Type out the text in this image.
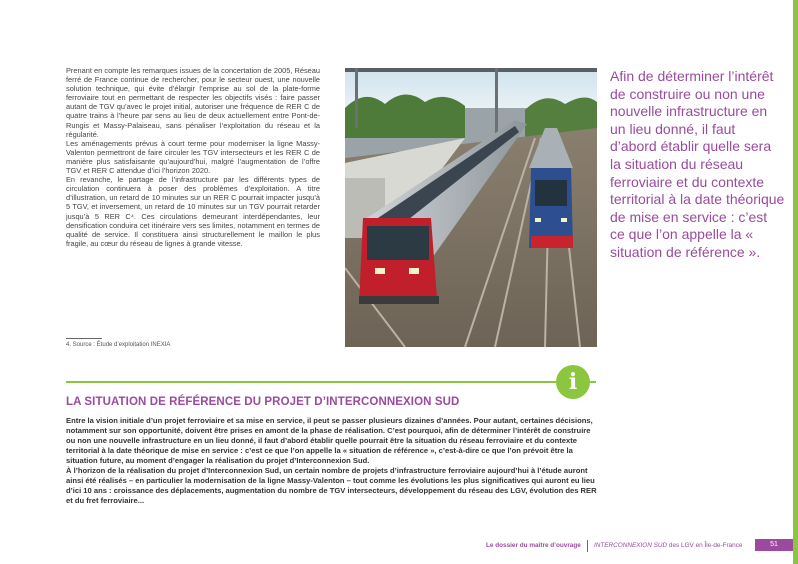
Prenant en compte les remarques issues de la concertation de 2005, Réseau ferré de France continue de rechercher, pour le secteur ouest, une nouvelle solution technique, qui évite d’élargir l’emprise au sol de la plate-forme ferroviaire tout en permettant de respecter les objectifs visés : faire passer autant de TGV qu’avec le projet initial, autoriser une fréquence de RER C de quatre trains à l’heure par sens au lieu de deux actuellement entre Pont-de-Rungis et Massy-Palaiseau, sans pénaliser l’exploitation du réseau et la régularité.

Les aménagements prévus à court terme pour moderniser la ligne Massy-Valenton permettront de faire circuler les TGV intersecteurs et les RER C de manière plus satisfaisante qu’aujourd’hui, malgré l’augmentation de l’offre TGV et RER C attendue d’ici l’horizon 2020.

En revanche, le partage de l’infrastructure par les différents types de circulation continuera à poser des problèmes d’exploitation. A titre d’illustration, un retard de 10 minutes sur un RER C pourrait impacter jusqu’à 5 TGV, et inversement, un retard de 10 minutes sur un TGV pourrait retarder jusqu’à 5 RER C⁴. Ces circulations demeurant interdépendantes, leur densification conduira cet itinéraire vers ses limites, notamment en termes de qualité de service. Il constituera ainsi structurellement le maillon le plus fragile, au cœur du réseau de lignes à grande vitesse.

4. Source : Étude d’exploitation INEXIA
Afin de déterminer l’intérêt de construire ou non une nouvelle infrastructure en un lieu donné, il faut d’abord établir quelle sera la situation du réseau ferroviaire et du contexte territorial à la date théorique de mise en service : c’est ce que l’on appelle la « situation de référence ».
i
LA SITUATION DE RÉFÉRENCE DU PROJET D’INTERCONNEXION SUD

Entre la vision initiale d’un projet ferroviaire et sa mise en service, il peut se passer plusieurs dizaines d’années. Pour autant, certaines décisions, notamment sur son opportunité, doivent être prises en amont de la phase de réalisation. C’est pourquoi, afin de déterminer l’intérêt de construire ou non une nouvelle infrastructure en un lieu donné, il faut d’abord établir quelle pourrait être la situation du réseau ferroviaire et du contexte territorial à la date théorique de mise en service : c’est ce que l’on appelle la « situation de référence », c’est-à-dire ce que l’on prévoit être la situation future, au moment d’engager la réalisation du projet d’Interconnexion Sud.

À l’horizon de la réalisation du projet d’Interconnexion Sud, un certain nombre de projets d’infrastructure ferroviaire aujourd’hui à l’étude auront ainsi été réalisés – en particulier la modernisation de la ligne Massy-Valenton – tout comme les évolutions les plus significatives qui auront eu lieu d’ici 10 ans : croissance des déplacements, augmentation du nombre de TGV intersecteurs, développement du réseau des LGV, évolution des RER et du fret ferroviaire...

Le dossier du maître d’ouvrage INTERCONNEXION SUD des LGV en Île-de-France	51
